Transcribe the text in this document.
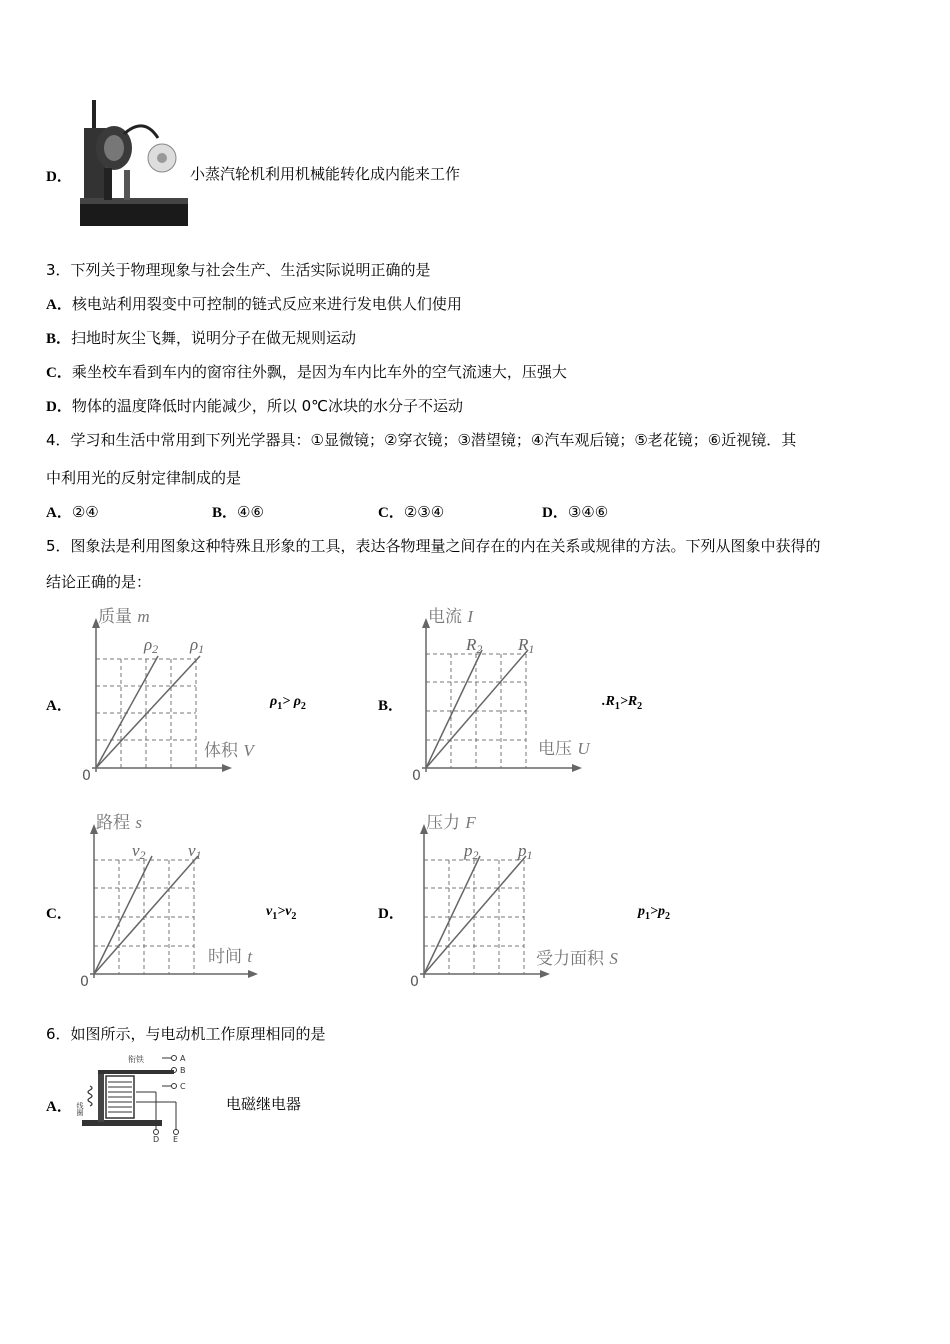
D．	小蒸汽轮机利用机械能转化成内能来工作
3．下列关于物理现象与社会生产、生活实际说明正确的是
A．核电站利用裂变中可控制的链式反应来进行发电供人们使用
B．扫地时灰尘飞舞，说明分子在做无规则运动
C．乘坐校车看到车内的窗帘往外飘，是因为车内比车外的空气流速大，压强大
D．物体的温度降低时内能减少，所以 0℃冰块的水分子不运动
4．学习和生活中常用到下列光学器具：①显微镜；②穿衣镜；③潜望镜；④汽车观后镜；⑤老花镜；⑥近视镜．其
中利用光的反射定律制成的是
A．②④	B．④⑥	C．②③④	D．③④⑥
5．图象法是利用图象这种特殊且形象的工具，表达各物理量之间存在的内在关系或规律的方法。下列从图象中获得的
结论正确的是：
A．	$\rho_1> \rho_2$	B．	$.R_1>R_2$
C．	$v_1>v_2$	D．	$p_1>p_2$
质量 m
体积 V
0
ρ2 ρ1
电流 I
电压 U
0
R2 R1
路程 s
时间 t
0
v2 v1
压力 F
受力面积 S
0
p2 p1
6．如图所示，与电动机工作原理相同的是
A．
衔铁
线圈
A
B
C
D E
电磁继电器
